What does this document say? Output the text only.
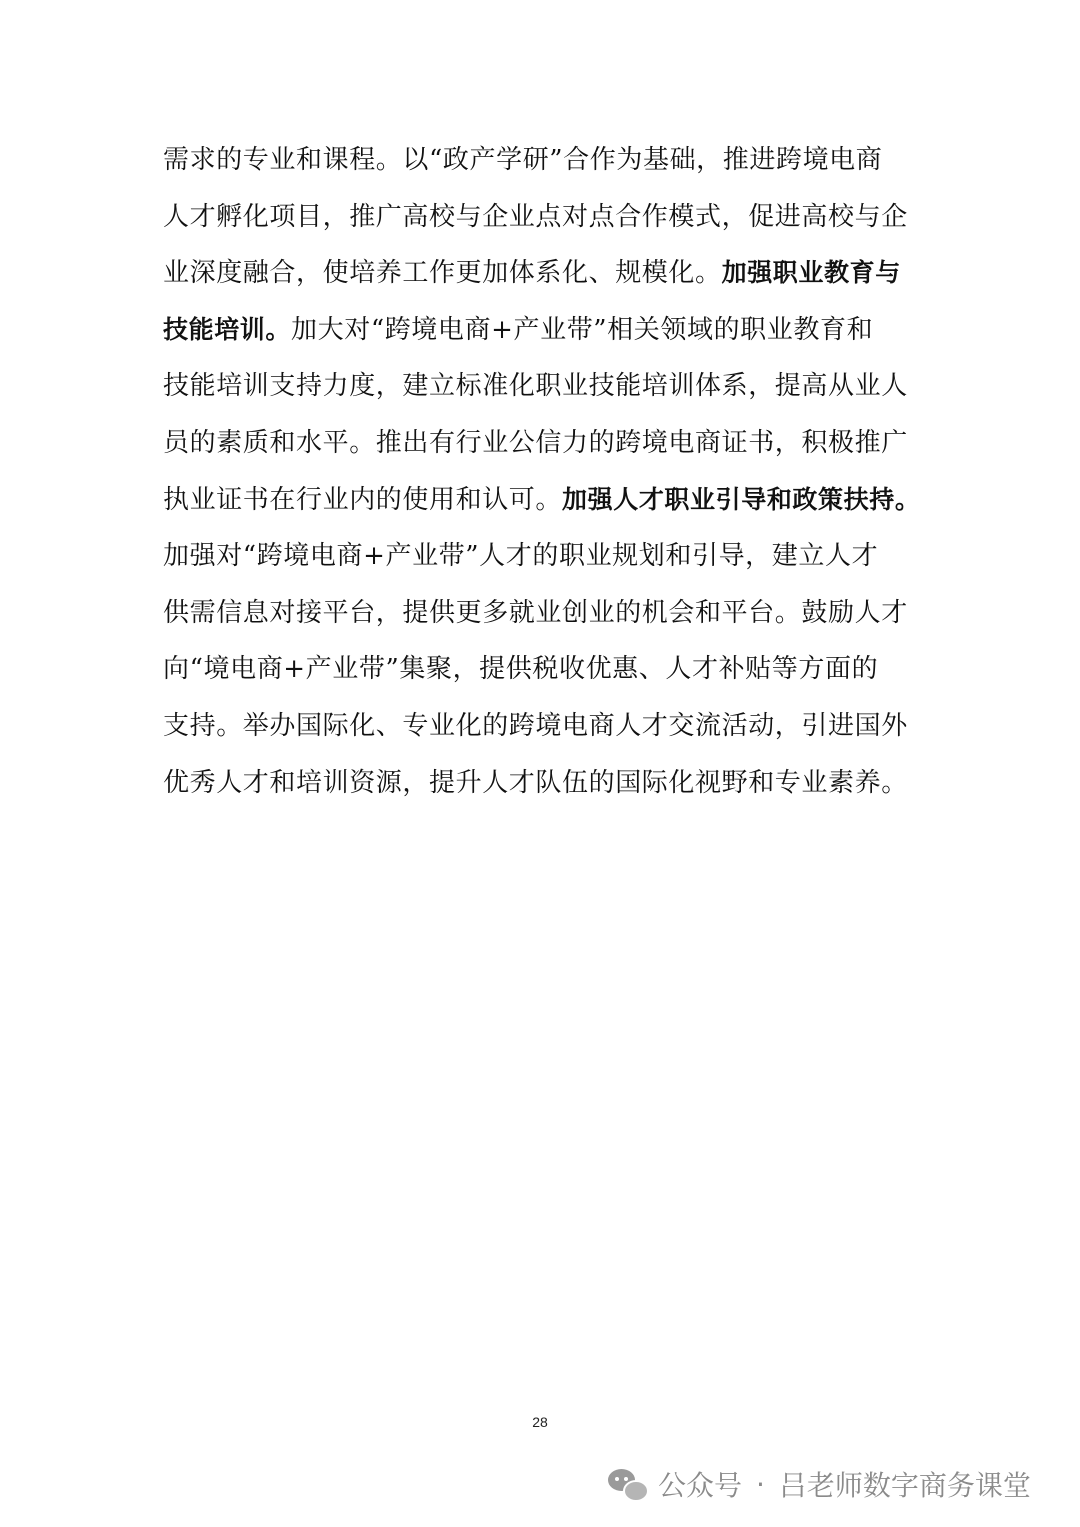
需求的专业和课程。以“政产学研”合作为基础，推进跨境电商
人才孵化项目，推广高校与企业点对点合作模式，促进高校与企
业深度融合，使培养工作更加体系化、规模化。加强职业教育与
技能培训。加大对“跨境电商+产业带”相关领域的职业教育和
技能培训支持力度，建立标准化职业技能培训体系，提高从业人
员的素质和水平。推出有行业公信力的跨境电商证书，积极推广
执业证书在行业内的使用和认可。加强人才职业引导和政策扶持。
加强对“跨境电商+产业带”人才的职业规划和引导，建立人才
供需信息对接平台，提供更多就业创业的机会和平台。鼓励人才
向“境电商+产业带”集聚，提供税收优惠、人才补贴等方面的
支持。举办国际化、专业化的跨境电商人才交流活动，引进国外
优秀人才和培训资源，提升人才队伍的国际化视野和专业素养。
28
公众号 · 吕老师数字商务课堂
